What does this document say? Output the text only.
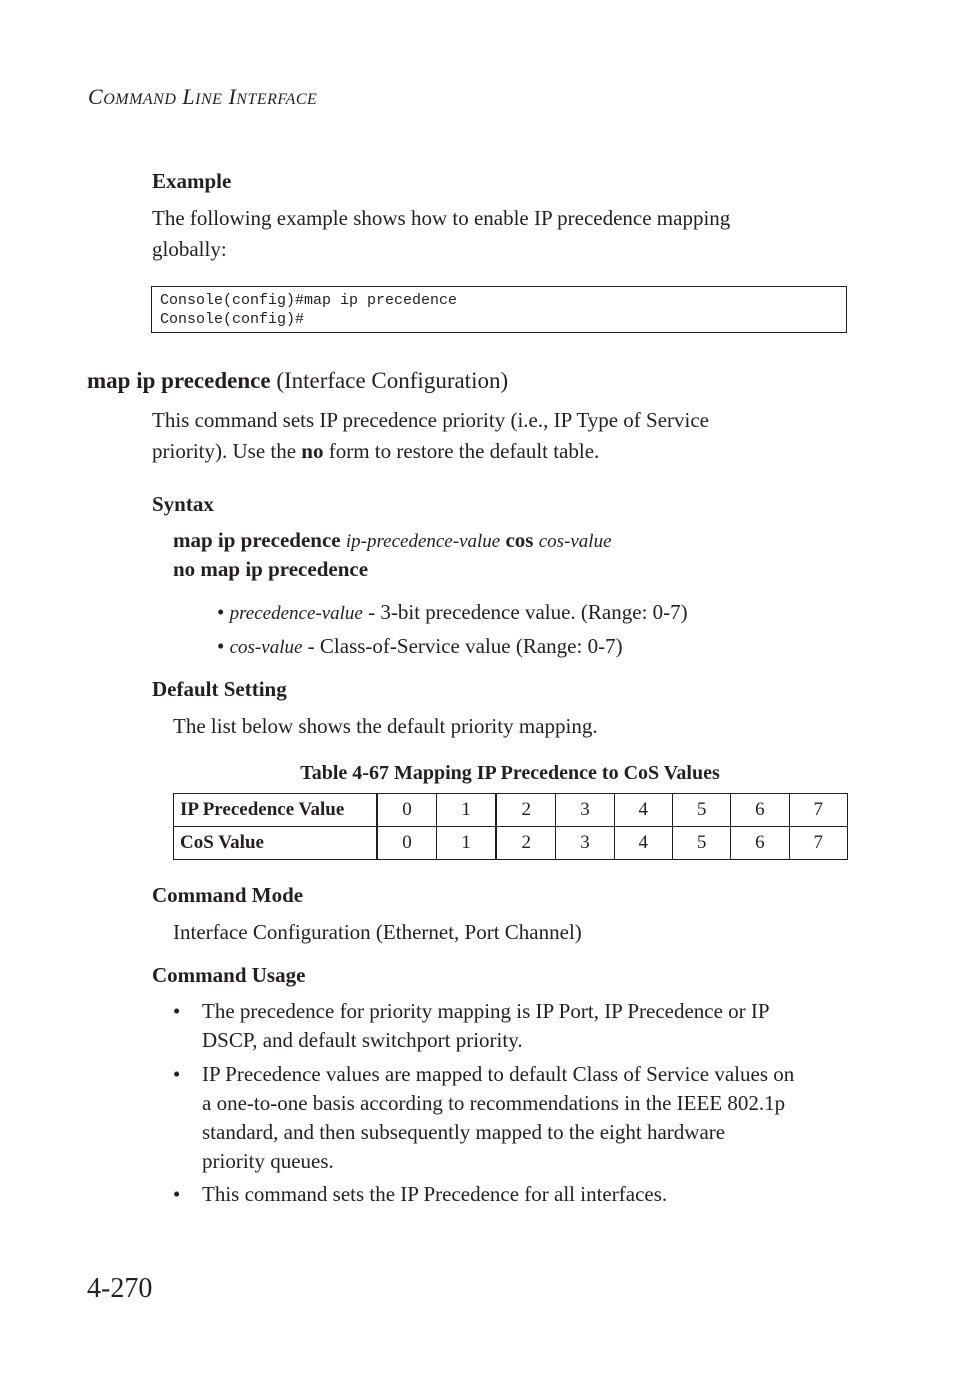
COMMAND LINE INTERFACE
Example
The following example shows how to enable IP precedence mapping
globally:
Console(config)#map ip precedence
Console(config)#
map ip precedence (Interface Configuration)
This command sets IP precedence priority (i.e., IP Type of Service
priority). Use the no form to restore the default table.
Syntax
map ip precedence ip-precedence-value cos cos-value
no map ip precedence
• precedence-value - 3-bit precedence value. (Range: 0-7)
• cos-value - Class-of-Service value (Range: 0-7)
Default Setting
The list below shows the default priority mapping.
Table 4-67 Mapping IP Precedence to CoS Values
IP Precedence Value	0	1	2	3	4	5	6	7
CoS Value	0	1	2	3	4	5	6	7
Command Mode
Interface Configuration (Ethernet, Port Channel)
Command Usage
• The precedence for priority mapping is IP Port, IP Precedence or IP
DSCP, and default switchport priority.
• IP Precedence values are mapped to default Class of Service values on
a one-to-one basis according to recommendations in the IEEE 802.1p
standard, and then subsequently mapped to the eight hardware
priority queues.
• This command sets the IP Precedence for all interfaces.
4-270
